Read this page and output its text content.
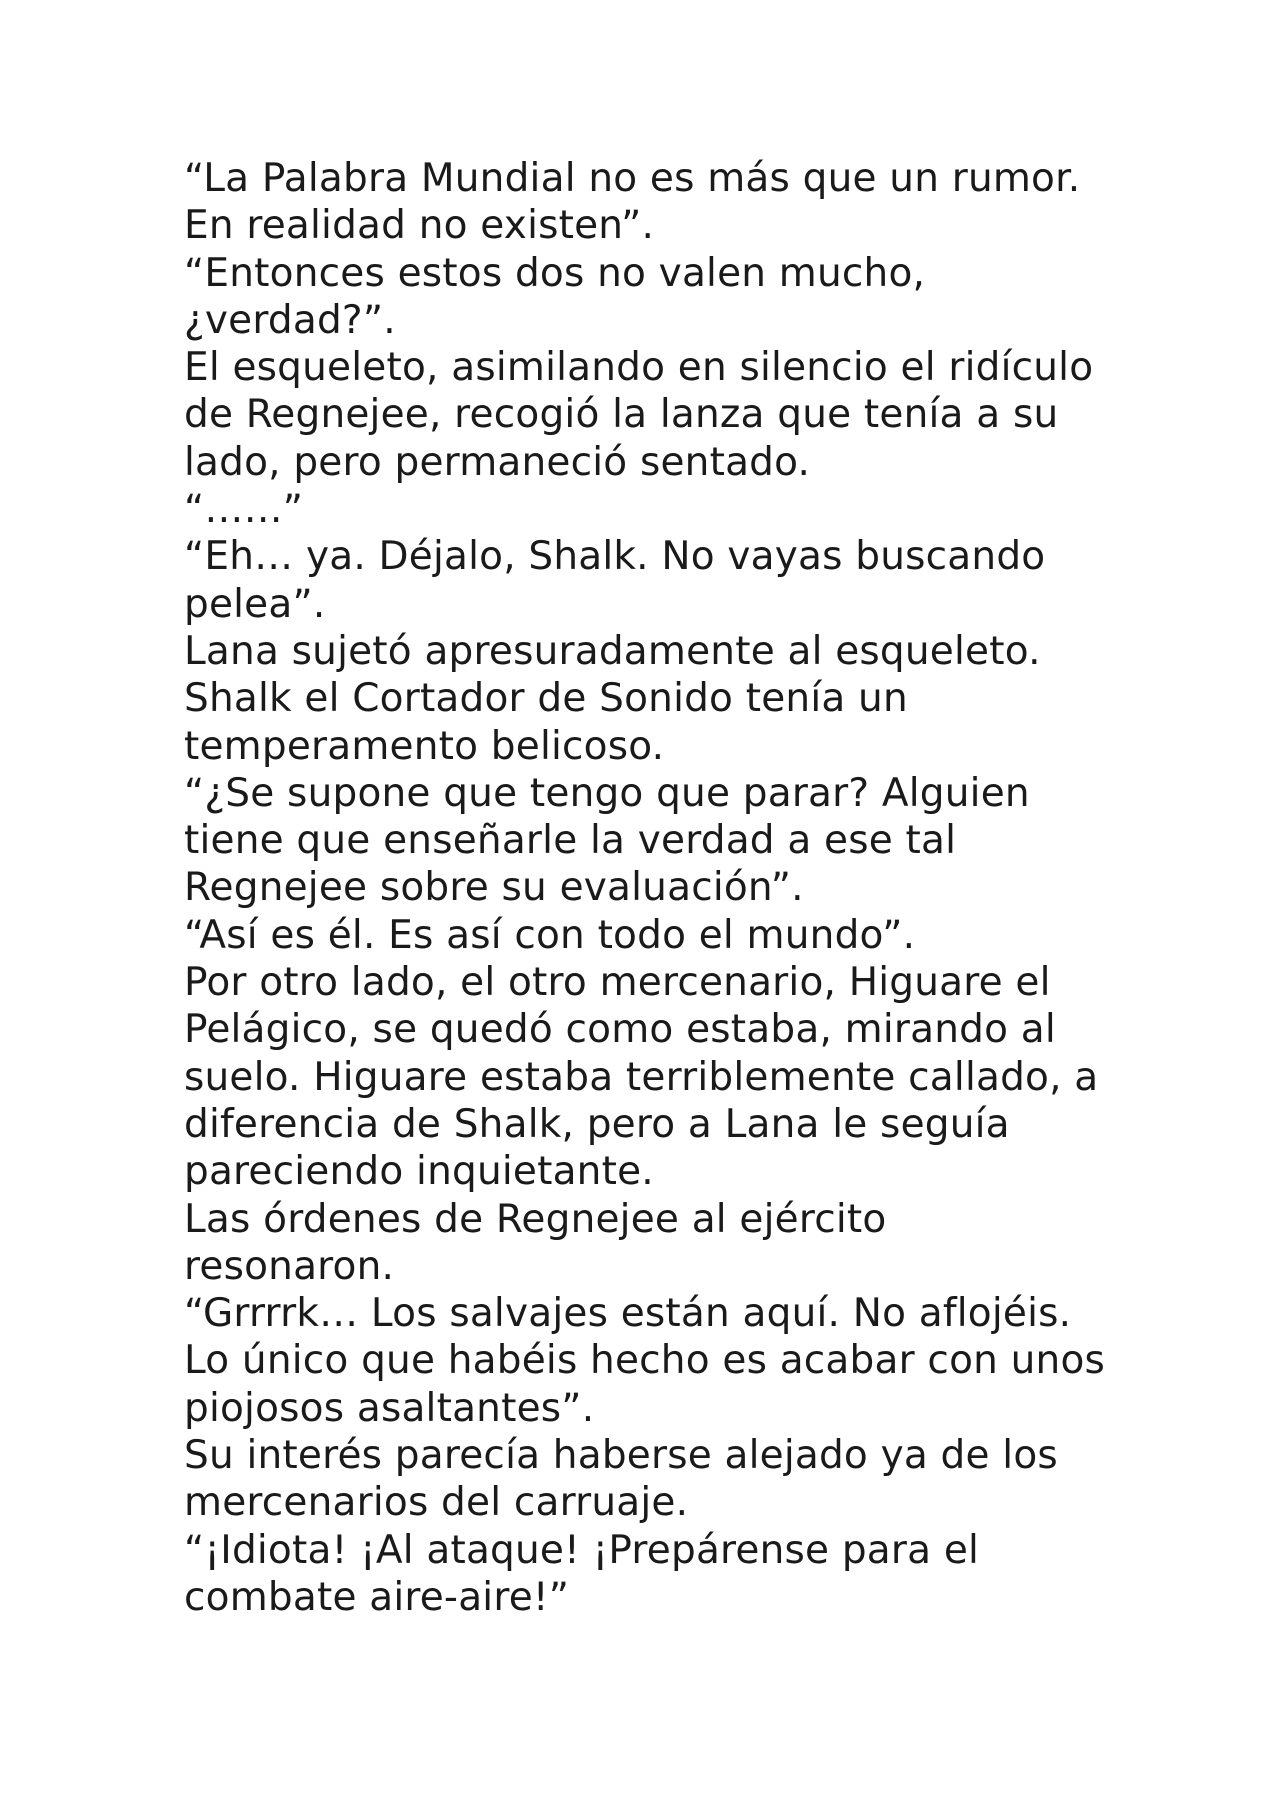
“La Palabra Mundial no es más que un rumor.
En realidad no existen”.
“Entonces estos dos no valen mucho,
¿verdad?”.
El esqueleto, asimilando en silencio el ridículo
de Regnejee, recogió la lanza que tenía a su
lado, pero permaneció sentado.
“……”
“Eh… ya. Déjalo, Shalk. No vayas buscando
pelea”.
Lana sujetó apresuradamente al esqueleto.
Shalk el Cortador de Sonido tenía un
temperamento belicoso.
“¿Se supone que tengo que parar? Alguien
tiene que enseñarle la verdad a ese tal
Regnejee sobre su evaluación”.
“Así es él. Es así con todo el mundo”.
Por otro lado, el otro mercenario, Higuare el
Pelágico, se quedó como estaba, mirando al
suelo. Higuare estaba terriblemente callado, a
diferencia de Shalk, pero a Lana le seguía
pareciendo inquietante.
Las órdenes de Regnejee al ejército
resonaron.
“Grrrrk… Los salvajes están aquí. No aflojéis.
Lo único que habéis hecho es acabar con unos
piojosos asaltantes”.
Su interés parecía haberse alejado ya de los
mercenarios del carruaje.
“¡Idiota! ¡Al ataque! ¡Prepárense para el
combate aire-aire!”
